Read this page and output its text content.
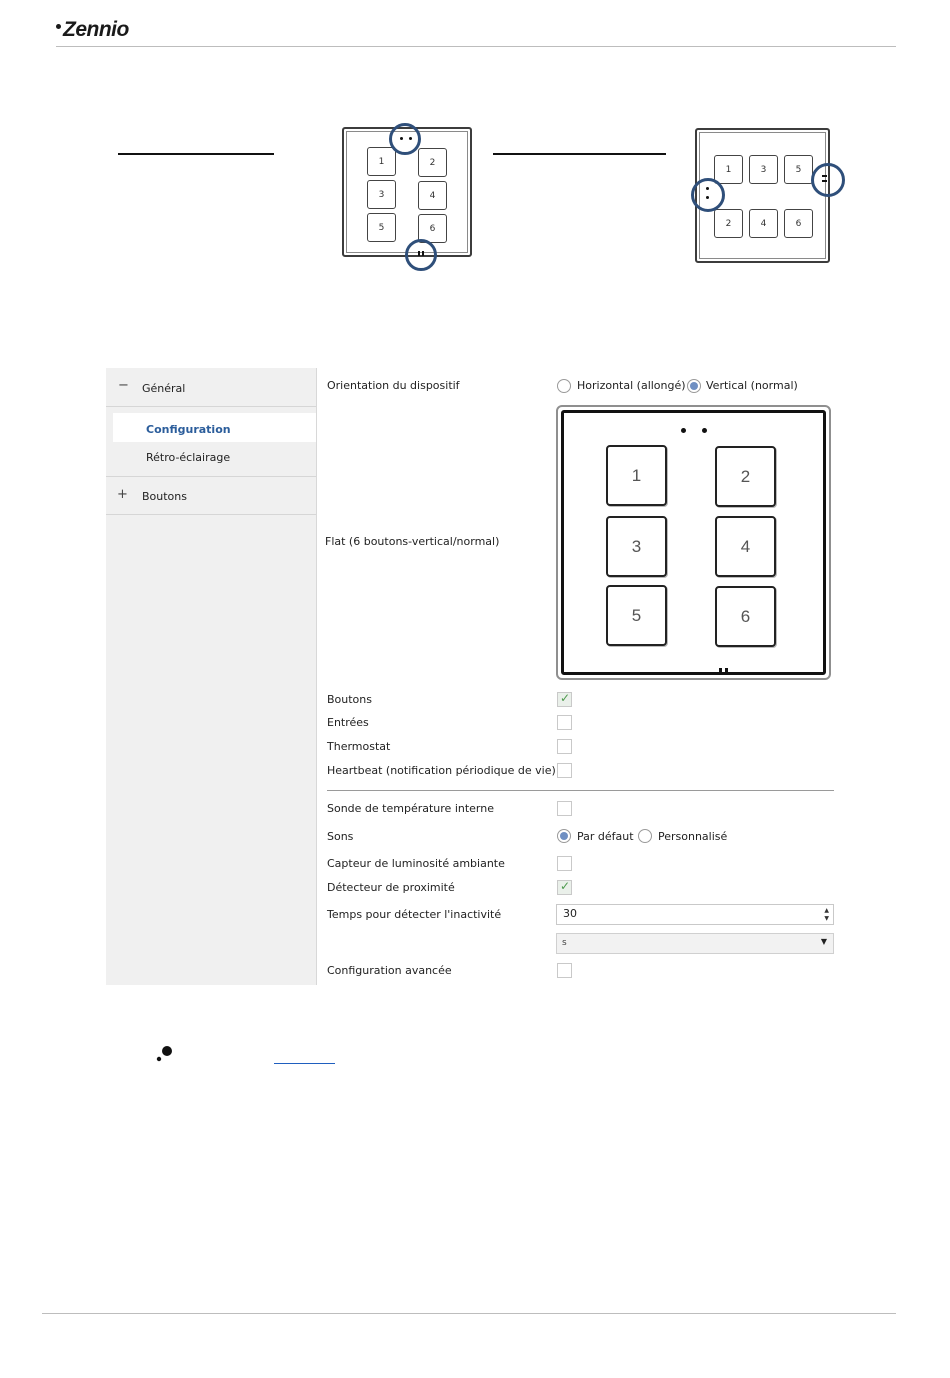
Zennio
1	2
3	4
5	6
1	3	5
2	4	6
− Général
Configuration
Rétro-éclairage
+ Boutons
Orientation du dispositif	Horizontal (allongé) Vertical (normal)
Flat (6 boutons-vertical/normal)
1	2
3	4
5	6
Boutons	✓
Entrées
Thermostat
Heartbeat (notification périodique de vie)
Sonde de température interne
Sons	Par défaut Personnalisé
Capteur de luminosité ambiante
Détecteur de proximité	✓
Temps pour détecter l'inactivité	30	▲
▼
s	▼
Configuration avancée
